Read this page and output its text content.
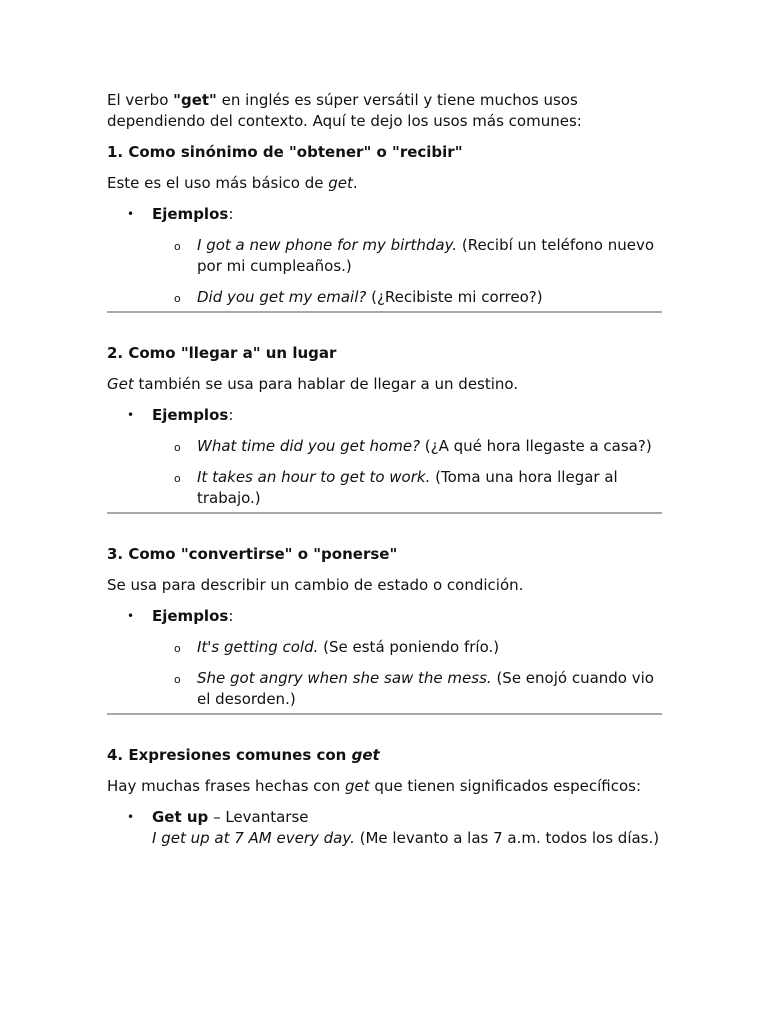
El verbo "get" en inglés es súper versátil y tiene muchos usos dependiendo del contexto. Aquí te dejo los usos más comunes:

1. Como sinónimo de "obtener" o "recibir"

Este es el uso más básico de get.

• Ejemplos:
o I got a new phone for my birthday. (Recibí un teléfono nuevo por mi cumpleaños.)
o Did you get my email? (¿Recibiste mi correo?)

2. Como "llegar a" un lugar

Get también se usa para hablar de llegar a un destino.

• Ejemplos:
o What time did you get home? (¿A qué hora llegaste a casa?)
o It takes an hour to get to work. (Toma una hora llegar al trabajo.)

3. Como "convertirse" o "ponerse"

Se usa para describir un cambio de estado o condición.

• Ejemplos:
o It's getting cold. (Se está poniendo frío.)
o She got angry when she saw the mess. (Se enojó cuando vio el desorden.)

4. Expresiones comunes con get

Hay muchas frases hechas con get que tienen significados específicos:

• Get up – Levantarse
I get up at 7 AM every day. (Me levanto a las 7 a.m. todos los días.)
